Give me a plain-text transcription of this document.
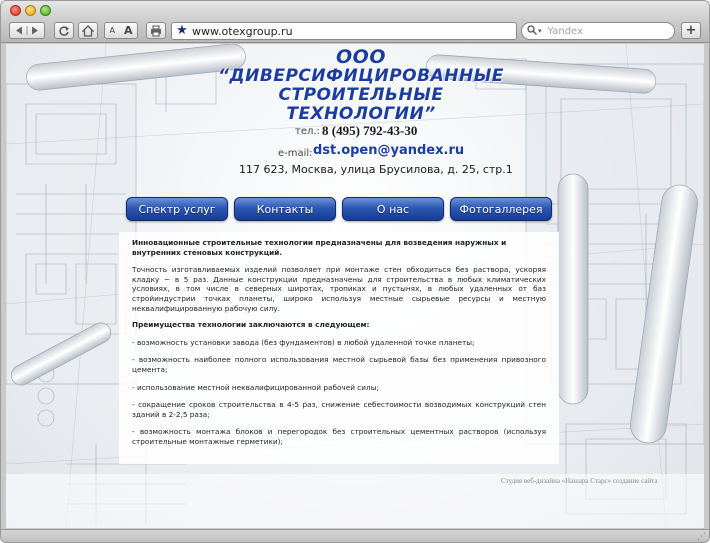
A A	★ www.otexgroup.ru	▾ Yandex	+
ООО
“ДИВЕРСИФИЦИРОВАННЫЕ
СТРОИТЕЛЬНЫЕ
ТЕХНОЛОГИИ”
тел.: 8 (495) 792-43-30
e-mail: dst.open@yandex.ru
117 623, Москва, улица Брусилова, д. 25, стр.1
Спектр услуг	Контакты	О нас	Фотогаллерея

Инновационные строительные технологии предназначены для возведения наружных и внутренних стеновых конструкций.

Точность изготавливаемых изделий позволяет при монтаже стен обходиться без раствора, ускоряя кладку ~ в 5 раз. Данные конструкции предназначены для строительства в любых климатических условиях, в том числе в северных широтах, тропиках и пустынях, в любых удаленных от баз стройиндустрии точках планеты, широко используя местные сырьевые ресурсы и местную неквалифицированную рабочую силу.

Преимущества технологии заключаются в следующем:

- возможность установки завода (без фундаментов) в любой удаленной точке планеты;

- возможность наиболее полного использования местной сырьевой базы без применения привозного цемента;

- использование местной неквалифицированной рабочей силы;

- сокращение сроков строительства в 4-5 раз, снижение себестоимости возводимых конструкций стен зданий в 2-2,5 раза;

- возможность монтажа блоков и перегородок без строительных цементных растворов (используя строительные монтажные герметики);

Студия веб-дизайна «Нашара Старс» создание сайта
⋰
